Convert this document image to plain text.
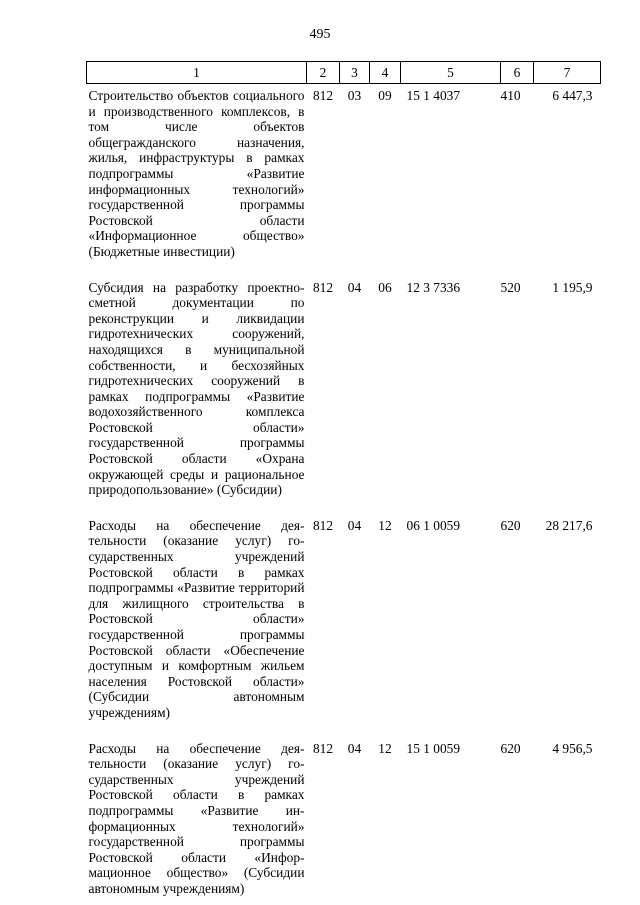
495
1	2	3	4	5	6	7
Строительство объектов социального и производственного комплексов, в том числе объектов общегражданского назначения, жилья, инфраструктуры в рамках подпрограммы «Развитие информационных технологий» государственной программы Ростовской области «Информационное общество» (Бюджетные инвестиции)	812	03	09	15 1 4037	410	6 447,3
Субсидия на разработку проектно-сметной документации по реконструкции и ликвидации гидротехнических сооружений, находящихся в муниципальной собственности, и бесхозяйных гидротехнических сооружений в рамках подпрограммы «Развитие водохозяйственного комплекса Ростовской области» государственной программы Ростовской области «Охрана окружающей среды и рациональное природопользование» (Субсидии)	812	04	06	12 3 7336	520	1 195,9
Расходы на обеспечение деятельности (оказание услуг) государственных учреждений Ростовской области в рамках подпрограммы «Развитие территорий для жилищного строительства в Ростовской области» государственной программы Ростовской области «Обеспечение доступным и комфортным жильем населения Ростовской области» (Субсидии автономным учреждениям)	812	04	12	06 1 0059	620	28 217,6
Расходы на обеспечение деятельности (оказание услуг) государственных учреждений Ростовской области в рамках подпрограммы «Развитие информационных технологий» государственной программы Ростовской области «Информационное общество» (Субсидии автономным учреждениям)	812	04	12	15 1 0059	620	4 956,5
